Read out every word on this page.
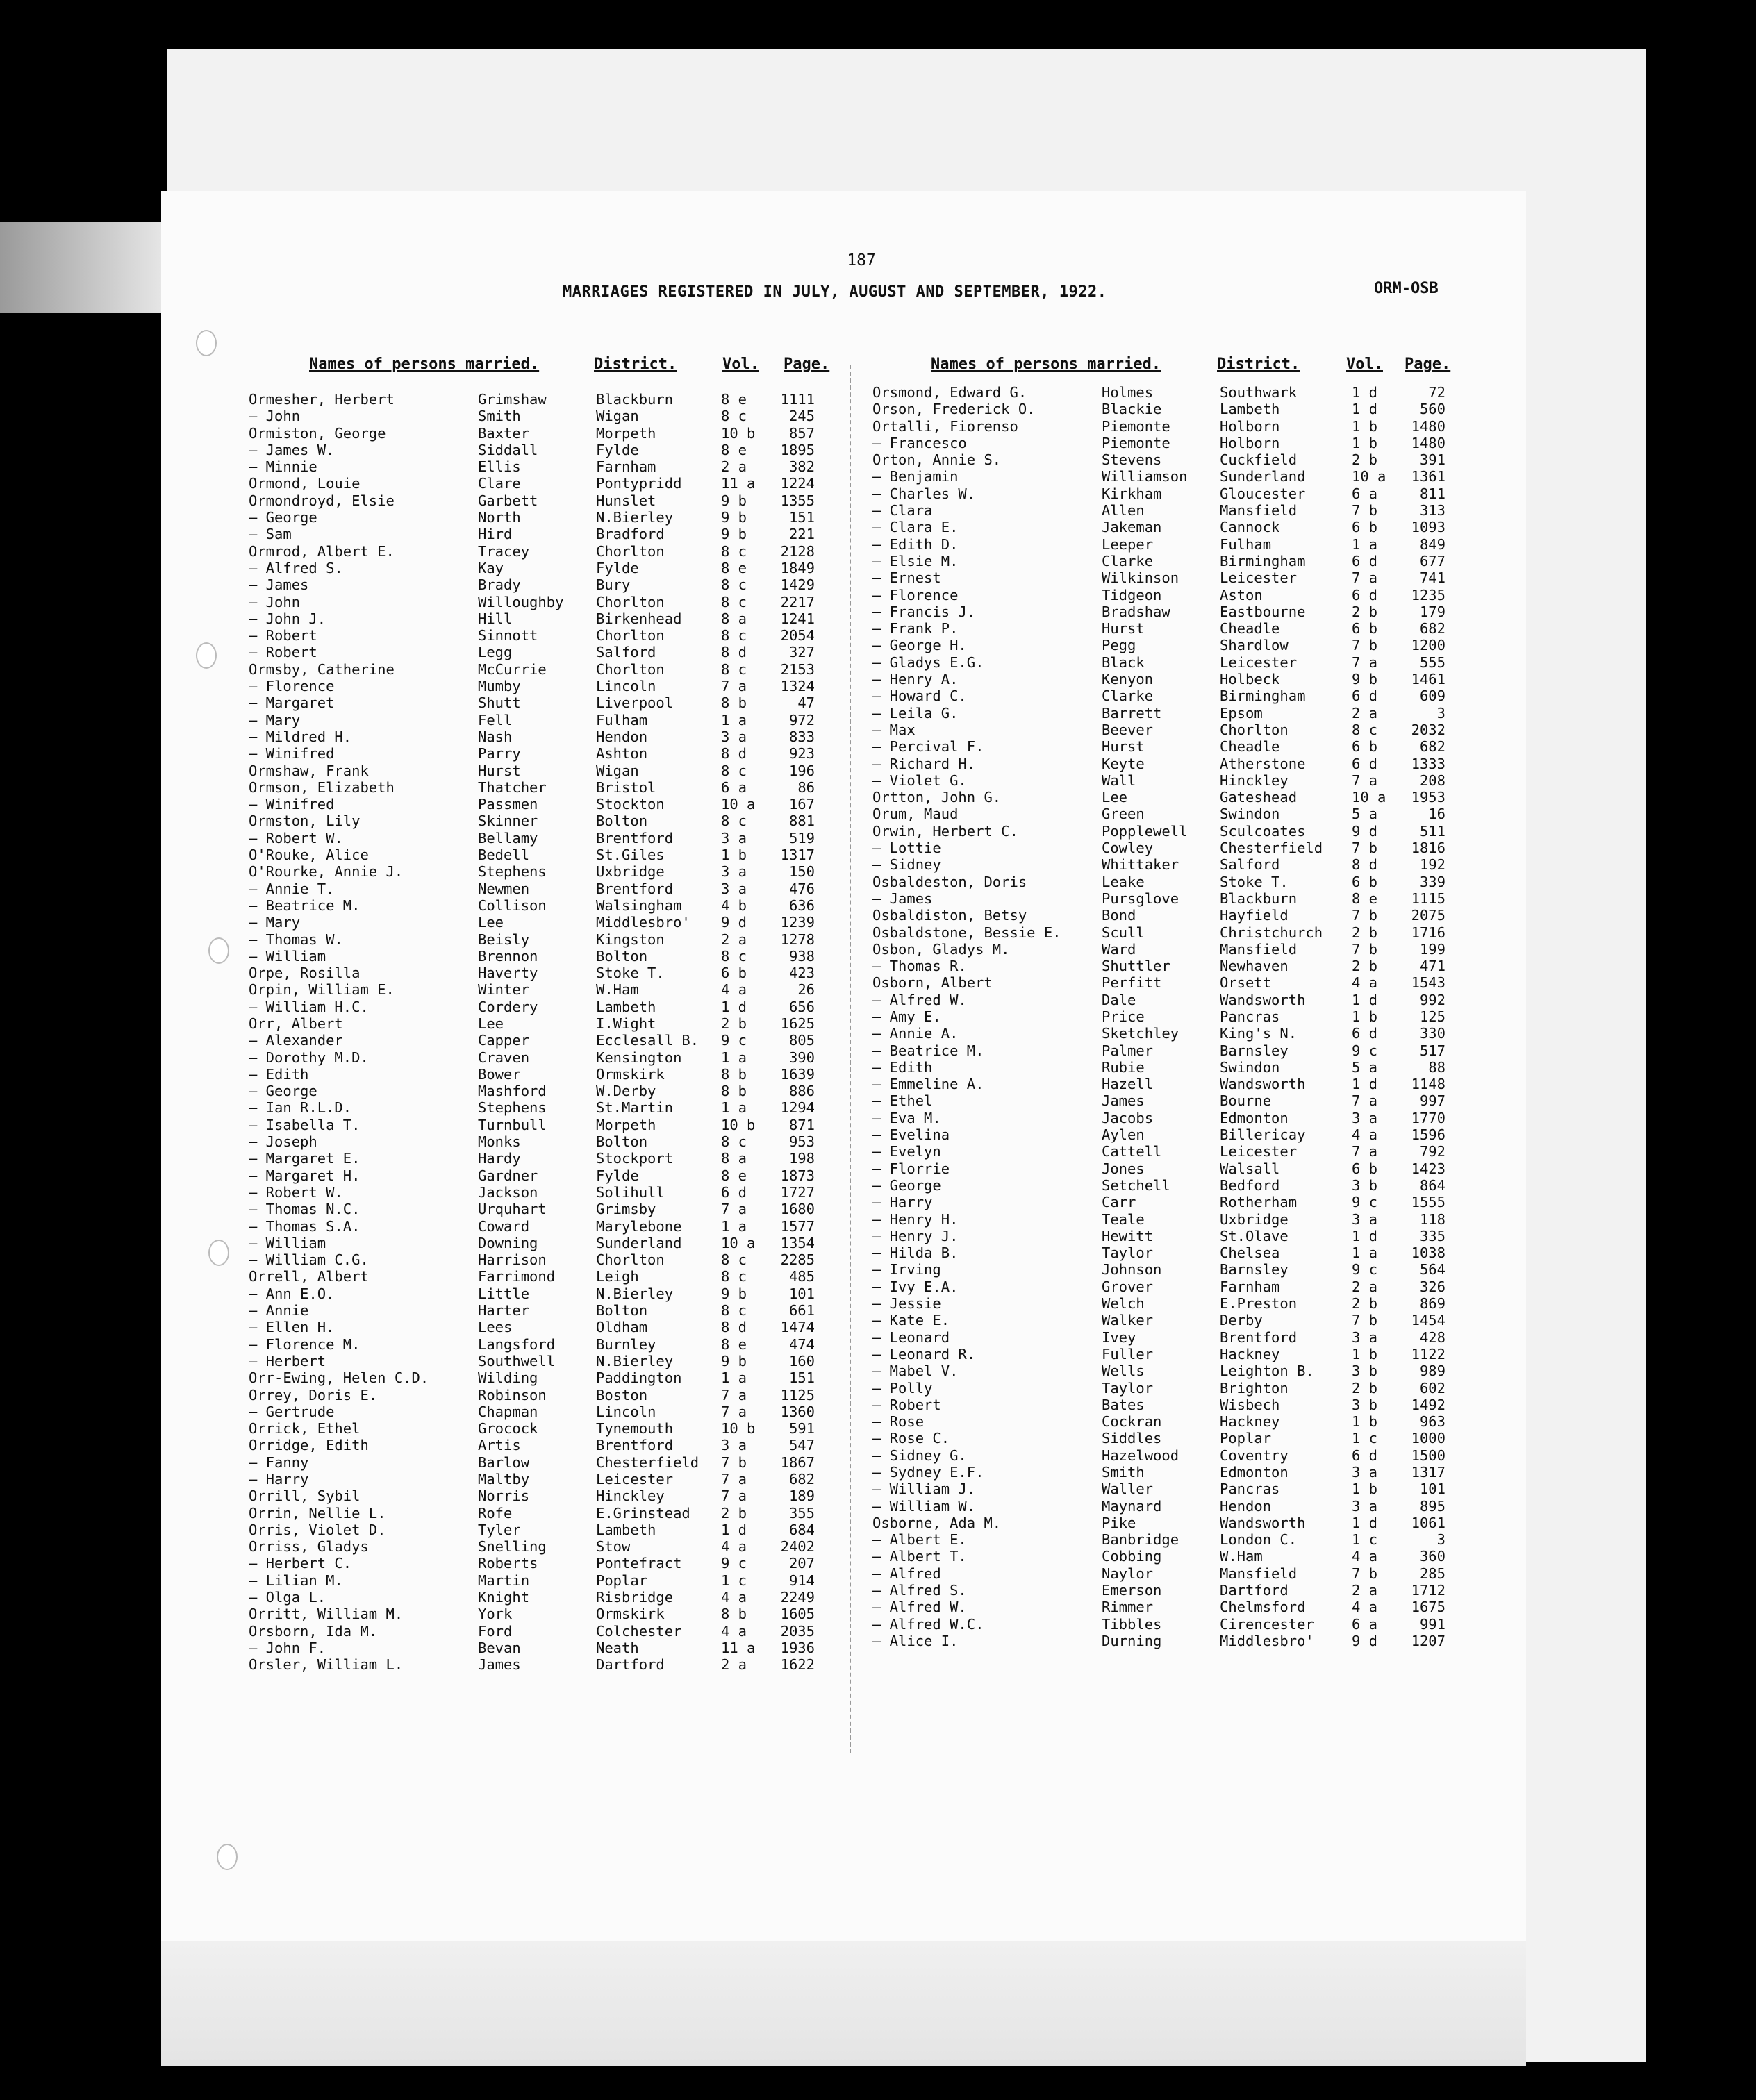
187
MARRIAGES REGISTERED IN JULY, AUGUST AND SEPTEMBER, 1922.	ORM-OSB
Names of persons married.	District.	Vol. Page.	Names of persons married.	District.	Vol. Page.
Ormesher, Herbert	Grimshaw	Blackburn	8 e	1111
— John	Smith	Wigan	8 c	245
Ormiston, George	Baxter	Morpeth	10 b	857
— James W.	Siddall	Fylde	8 e	1895
— Minnie	Ellis	Farnham	2 a	382
Ormond, Louie	Clare	Pontypridd	11 a	1224
Ormondroyd, Elsie	Garbett	Hunslet	9 b	1355
— George	North	N.Bierley	9 b	151
— Sam	Hird	Bradford	9 b	221
Ormrod, Albert E.	Tracey	Chorlton	8 c	2128
— Alfred S.	Kay	Fylde	8 e	1849
— James	Brady	Bury	8 c	1429
— John	Willoughby Chorlton	8 c	2217
— John J.	Hill	Birkenhead	8 a	1241
— Robert	Sinnott	Chorlton	8 c	2054
— Robert	Legg	Salford	8 d	327
Ormsby, Catherine	McCurrie	Chorlton	8 c	2153
— Florence	Mumby	Lincoln	7 a	1324
— Margaret	Shutt	Liverpool	8 b	47
— Mary	Fell	Fulham	1 a	972
— Mildred H.	Nash	Hendon	3 a	833
— Winifred	Parry	Ashton	8 d	923
Ormshaw, Frank	Hurst	Wigan	8 c	196
Ormson, Elizabeth	Thatcher	Bristol	6 a	86
— Winifred	Passmen	Stockton	10 a	167
Ormston, Lily	Skinner	Bolton	8 c	881
— Robert W.	Bellamy	Brentford	3 a	519
O'Rouke, Alice	Bedell	St.Giles	1 b	1317
O'Rourke, Annie J.	Stephens	Uxbridge	3 a	150
— Annie T.	Newmen	Brentford	3 a	476
— Beatrice M.	Collison	Walsingham	4 b	636
— Mary	Lee	Middlesbro' 9 d	1239
— Thomas W.	Beisly	Kingston	2 a	1278
— William	Brennon	Bolton	8 c	938
Orpe, Rosilla	Haverty	Stoke T.	6 b	423
Orpin, William E.	Winter	W.Ham	4 a	26
— William H.C.	Cordery	Lambeth	1 d	656
Orr, Albert	Lee	I.Wight	2 b	1625
— Alexander	Capper	Ecclesall B. 9 c	805
— Dorothy M.D.	Craven	Kensington	1 a	390
— Edith	Bower	Ormskirk	8 b	1639
— George	Mashford	W.Derby	8 b	886
— Ian R.L.D.	Stephens	St.Martin	1 a	1294
— Isabella T.	Turnbull	Morpeth	10 b	871
— Joseph	Monks	Bolton	8 c	953
— Margaret E.	Hardy	Stockport	8 a	198
— Margaret H.	Gardner	Fylde	8 e	1873
— Robert W.	Jackson	Solihull	6 d	1727
— Thomas N.C.	Urquhart	Grimsby	7 a	1680
— Thomas S.A.	Coward	Marylebone	1 a	1577
— William	Downing	Sunderland	10 a	1354
— William C.G.	Harrison	Chorlton	8 c	2285
Orrell, Albert	Farrimond	Leigh	8 c	485
— Ann E.O.	Little	N.Bierley	9 b	101
— Annie	Harter	Bolton	8 c	661
— Ellen H.	Lees	Oldham	8 d	1474
— Florence M.	Langsford	Burnley	8 e	474
— Herbert	Southwell	N.Bierley	9 b	160
Orr-Ewing, Helen C.D.	Wilding	Paddington	1 a	151
Orrey, Doris E.	Robinson	Boston	7 a	1125
— Gertrude	Chapman	Lincoln	7 a	1360
Orrick, Ethel	Grocock	Tynemouth	10 b	591
Orridge, Edith	Artis	Brentford	3 a	547
— Fanny	Barlow	Chesterfield 7 b	1867
— Harry	Maltby	Leicester	7 a	682
Orrill, Sybil	Norris	Hinckley	7 a	189
Orrin, Nellie L.	Rofe	E.Grinstead 2 b	355
Orris, Violet D.	Tyler	Lambeth	1 d	684
Orriss, Gladys	Snelling	Stow	4 a	2402
— Herbert C.	Roberts	Pontefract	9 c	207
— Lilian M.	Martin	Poplar	1 c	914
— Olga L.	Knight	Risbridge	4 a	2249
Orritt, William M.	York	Ormskirk	8 b	1605
Orsborn, Ida M.	Ford	Colchester	4 a	2035
— John F.	Bevan	Neath	11 a	1936
Orsler, William L.	James	Dartford	2 a	1622
Orsmond, Edward G.	Holmes	Southwark	1 d	72
Orson, Frederick O.	Blackie	Lambeth	1 d	560
Ortalli, Fiorenso	Piemonte	Holborn	1 b	1480
— Francesco	Piemonte	Holborn	1 b	1480
Orton, Annie S.	Stevens	Cuckfield	2 b	391
— Benjamin	Williamson Sunderland	10 a	1361
— Charles W.	Kirkham	Gloucester	6 a	811
— Clara	Allen	Mansfield	7 b	313
— Clara E.	Jakeman	Cannock	6 b	1093
— Edith D.	Leeper	Fulham	1 a	849
— Elsie M.	Clarke	Birmingham	6 d	677
— Ernest	Wilkinson	Leicester	7 a	741
— Florence	Tidgeon	Aston	6 d	1235
— Francis J.	Bradshaw	Eastbourne	2 b	179
— Frank P.	Hurst	Cheadle	6 b	682
— George H.	Pegg	Shardlow	7 b	1200
— Gladys E.G.	Black	Leicester	7 a	555
— Henry A.	Kenyon	Holbeck	9 b	1461
— Howard C.	Clarke	Birmingham	6 d	609
— Leila G.	Barrett	Epsom	2 a	3
— Max	Beever	Chorlton	8 c	2032
— Percival F.	Hurst	Cheadle	6 b	682
— Richard H.	Keyte	Atherstone	6 d	1333
— Violet G.	Wall	Hinckley	7 a	208
Ortton, John G.	Lee	Gateshead	10 a	1953
Orum, Maud	Green	Swindon	5 a	16
Orwin, Herbert C.	Popplewell Sculcoates	9 d	511
— Lottie	Cowley	Chesterfield 7 b	1816
— Sidney	Whittaker	Salford	8 d	192
Osbaldeston, Doris	Leake	Stoke T.	6 b	339
— James	Pursglove	Blackburn	8 e	1115
Osbaldiston, Betsy	Bond	Hayfield	7 b	2075
Osbaldstone, Bessie E.	Scull	Christchurch 2 b	1716
Osbon, Gladys M.	Ward	Mansfield	7 b	199
— Thomas R.	Shuttler	Newhaven	2 b	471
Osborn, Albert	Perfitt	Orsett	4 a	1543
— Alfred W.	Dale	Wandsworth	1 d	992
— Amy E.	Price	Pancras	1 b	125
— Annie A.	Sketchley	King's N.	6 d	330
— Beatrice M.	Palmer	Barnsley	9 c	517
— Edith	Rubie	Swindon	5 a	88
— Emmeline A.	Hazell	Wandsworth	1 d	1148
— Ethel	James	Bourne	7 a	997
— Eva M.	Jacobs	Edmonton	3 a	1770
— Evelina	Aylen	Billericay	4 a	1596
— Evelyn	Cattell	Leicester	7 a	792
— Florrie	Jones	Walsall	6 b	1423
— George	Setchell	Bedford	3 b	864
— Harry	Carr	Rotherham	9 c	1555
— Henry H.	Teale	Uxbridge	3 a	118
— Henry J.	Hewitt	St.Olave	1 d	335
— Hilda B.	Taylor	Chelsea	1 a	1038
— Irving	Johnson	Barnsley	9 c	564
— Ivy E.A.	Grover	Farnham	2 a	326
— Jessie	Welch	E.Preston	2 b	869
— Kate E.	Walker	Derby	7 b	1454
— Leonard	Ivey	Brentford	3 a	428
— Leonard R.	Fuller	Hackney	1 b	1122
— Mabel V.	Wells	Leighton B.	3 b	989
— Polly	Taylor	Brighton	2 b	602
— Robert	Bates	Wisbech	3 b	1492
— Rose	Cockran	Hackney	1 b	963
— Rose C.	Siddles	Poplar	1 c	1000
— Sidney G.	Hazelwood	Coventry	6 d	1500
— Sydney E.F.	Smith	Edmonton	3 a	1317
— William J.	Waller	Pancras	1 b	101
— William W.	Maynard	Hendon	3 a	895
Osborne, Ada M.	Pike	Wandsworth	1 d	1061
— Albert E.	Banbridge	London C.	1 c	3
— Albert T.	Cobbing	W.Ham	4 a	360
— Alfred	Naylor	Mansfield	7 b	285
— Alfred S.	Emerson	Dartford	2 a	1712
— Alfred W.	Rimmer	Chelmsford	4 a	1675
— Alfred W.C.	Tibbles	Cirencester	6 a	991
— Alice I.	Durning	Middlesbro'	9 d	1207
